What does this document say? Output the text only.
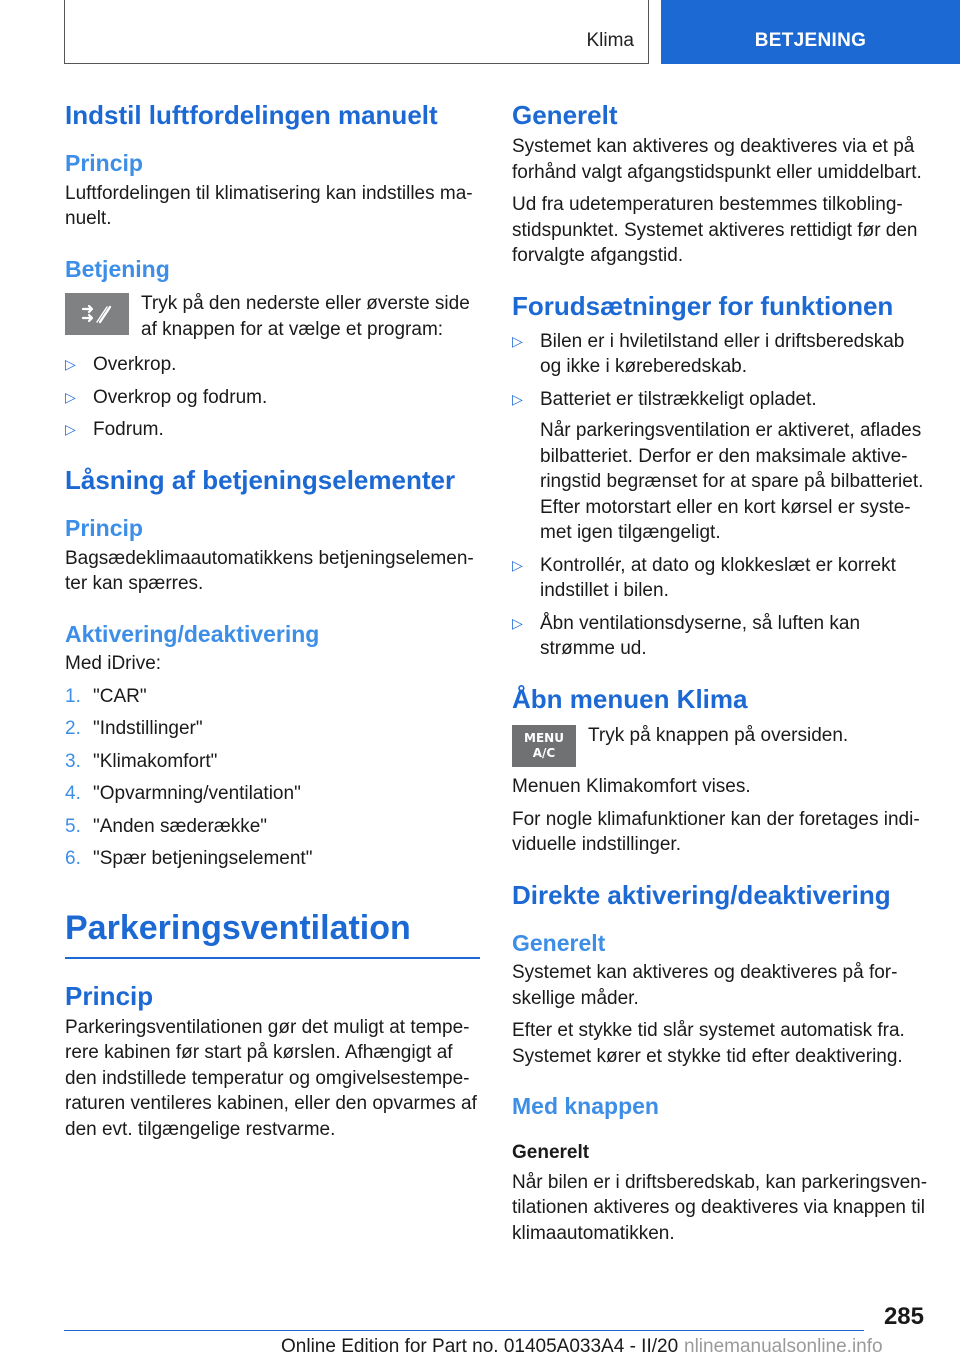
Klima	BETJENING
Indstil luftfordelingen manuelt
Princip

Luftfordelingen til klimatisering kan indstilles ma‐nuelt.

Betjening

Tryk på den nederste eller øverste side af knappen for at vælge et program:

▷ Overkrop.
▷ Overkrop og fodrum.
▷ Fodrum.
Låsning af betjeningselementer
Princip

Bagsædeklimaautomatikkens betjeningselemen‐ter kan spærres.

Aktivering/deaktivering

Med iDrive:

1. "CAR"
2. "Indstillinger"
3. "Klimakomfort"
4. "Opvarmning/ventilation"
5. "Anden sæderække"
6. "Spær betjeningselement"
Parkeringsventilation
Princip

Parkeringsventilationen gør det muligt at tempe‐rere kabinen før start på kørslen. Afhængigt af den indstillede temperatur og omgivelsestempe‐raturen ventileres kabinen, eller den opvarmes af den evt. tilgængelige restvarme.

Generelt

Systemet kan aktiveres og deaktiveres via et på forhånd valgt afgangstidspunkt eller umiddelbart.

Ud fra udetemperaturen bestemmes tilkobling‐stidspunktet. Systemet aktiveres rettidigt før den forvalgte afgangstid.

Forudsætninger for funktionen
▷ Bilen er i hviletilstand eller i driftsberedskab og ikke i køreberedskab.
▷ Batteriet er tilstrækkeligt opladet.

Når parkeringsventilation er aktiveret, aflades bilbatteriet. Derfor er den maksimale aktive‐ringstid begrænset for at spare på bilbatteriet. Efter motorstart eller en kort kørsel er syste‐met igen tilgængeligt.

▷ Kontrollér, at dato og klokkeslæt er korrekt indstillet i bilen.
▷ Åbn ventilationsdyserne, så luften kan strømme ud.
Åbn menuen Klima
MENU
A/C

Tryk på knappen på oversiden.

Menuen Klimakomfort vises.

For nogle klimafunktioner kan der foretages indi‐viduelle indstillinger.

Direkte aktivering/deaktivering
Generelt

Systemet kan aktiveres og deaktiveres på for‐skellige måder.

Efter et stykke tid slår systemet automatisk fra. Systemet kører et stykke tid efter deaktivering.

Med knappen
Generelt

Når bilen er i driftsberedskab, kan parkeringsven‐tilationen aktiveres og deaktiveres via knappen til klimaautomatikken.

285
Online Edition for Part no. 01405A033A4 - II/20 nlinemanualsonline.info
